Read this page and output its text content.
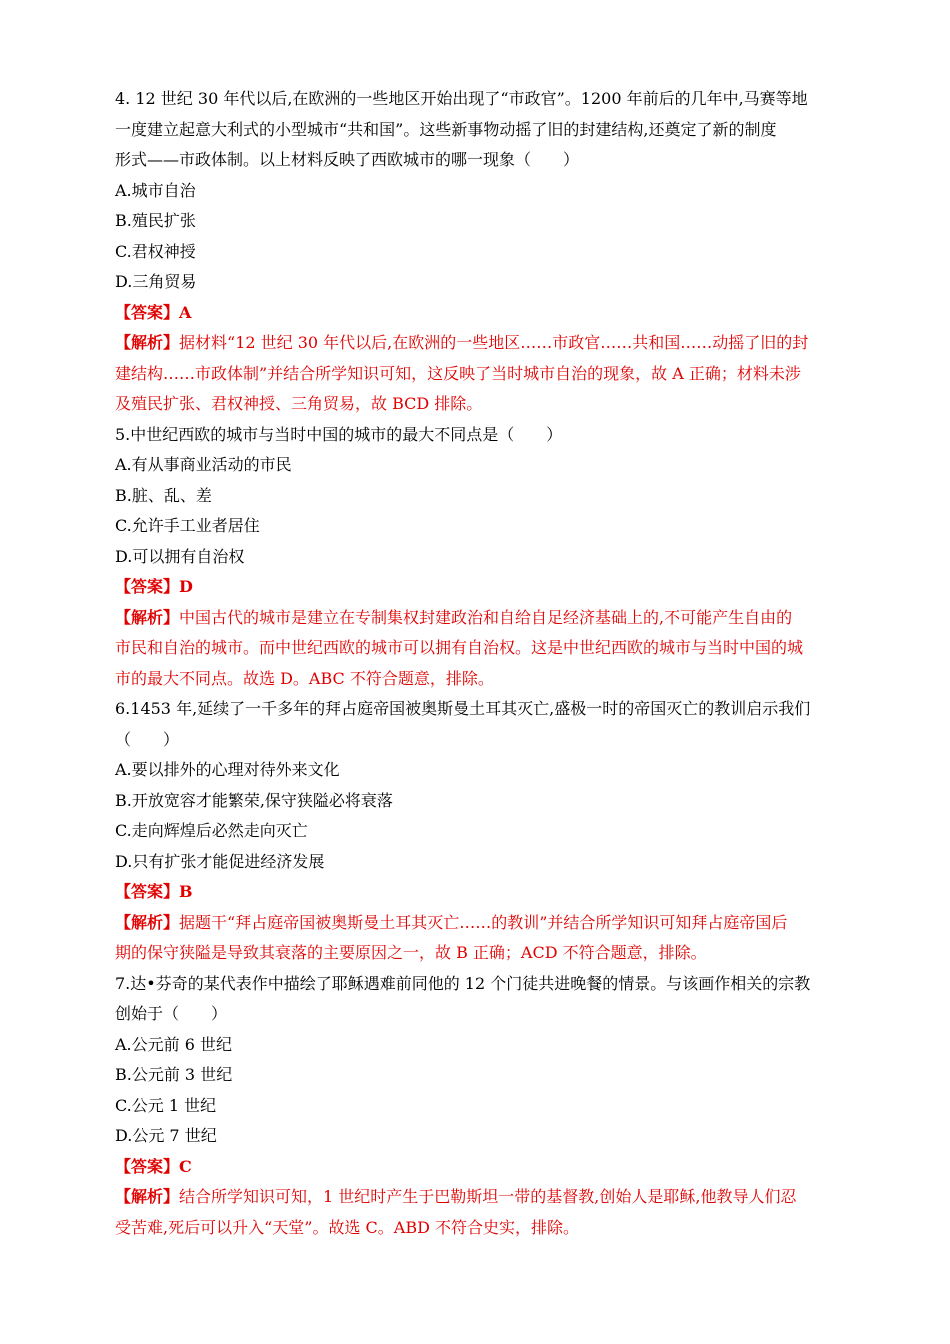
4. 12 世纪 30 年代以后,在欧洲的一些地区开始出现了“市政官”。1200 年前后的几年中,马赛等地
一度建立起意大利式的小型城市“共和国”。这些新事物动摇了旧的封建结构,还奠定了新的制度
形式——市政体制。以上材料反映了西欧城市的哪一现象（　　）
A.城市自治
B.殖民扩张
C.君权神授
D.三角贸易
【答案】A
【解析】据材料“12 世纪 30 年代以后,在欧洲的一些地区……市政官……共和国……动摇了旧的封
建结构……市政体制”并结合所学知识可知，这反映了当时城市自治的现象，故 A 正确；材料未涉
及殖民扩张、君权神授、三角贸易，故 BCD 排除。
5.中世纪西欧的城市与当时中国的城市的最大不同点是（　　）
A.有从事商业活动的市民
B.脏、乱、差
C.允许手工业者居住
D.可以拥有自治权
【答案】D
【解析】中国古代的城市是建立在专制集权封建政治和自给自足经济基础上的,不可能产生自由的
市民和自治的城市。而中世纪西欧的城市可以拥有自治权。这是中世纪西欧的城市与当时中国的城
市的最大不同点。故选 D。ABC 不符合题意，排除。
6.1453 年,延续了一千多年的拜占庭帝国被奥斯曼土耳其灭亡,盛极一时的帝国灭亡的教训启示我们
（　　）
A.要以排外的心理对待外来文化
B.开放宽容才能繁荣,保守狭隘必将衰落
C.走向辉煌后必然走向灭亡
D.只有扩张才能促进经济发展
【答案】B
【解析】据题干“拜占庭帝国被奥斯曼土耳其灭亡……的教训”并结合所学知识可知拜占庭帝国后
期的保守狭隘是导致其衰落的主要原因之一，故 B 正确；ACD 不符合题意，排除。
7.达•芬奇的某代表作中描绘了耶稣遇难前同他的 12 个门徒共进晚餐的情景。与该画作相关的宗教
创始于（　　）
A.公元前 6 世纪
B.公元前 3 世纪
C.公元 1 世纪
D.公元 7 世纪
【答案】C
【解析】结合所学知识可知，1 世纪时产生于巴勒斯坦一带的基督教,创始人是耶稣,他教导人们忍
受苦难,死后可以升入“天堂”。故选 C。ABD 不符合史实，排除。
